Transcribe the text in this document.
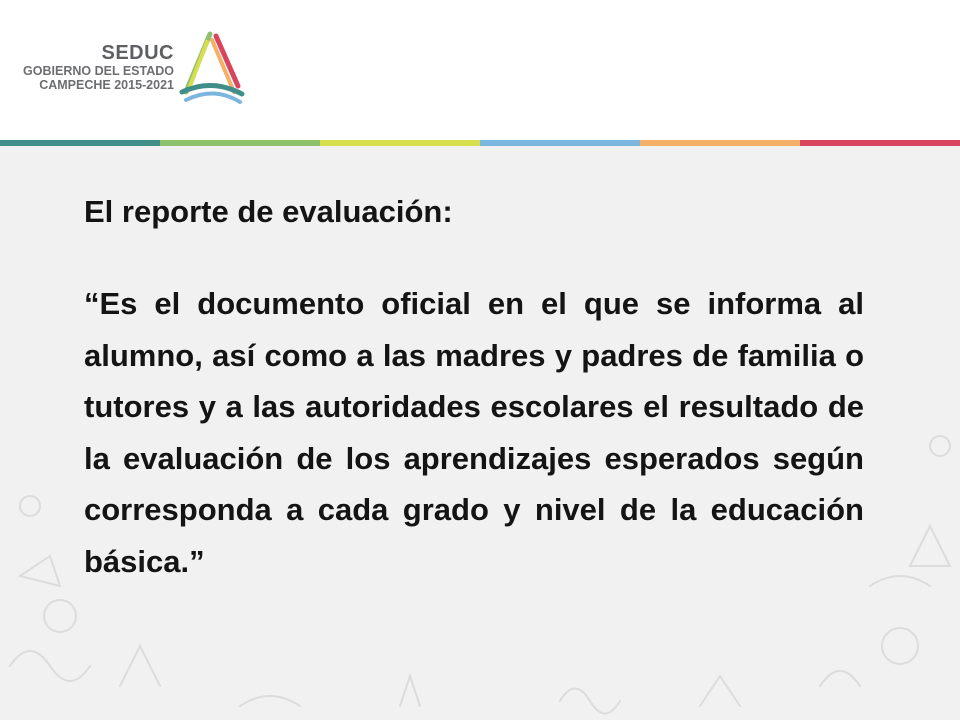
SEDUC
GOBIERNO DEL ESTADO
CAMPECHE 2015-2021

El reporte de evaluación:

“Es el documento oficial en el que se informa al alumno, así como a las madres y padres de familia o tutores y a las autoridades escolares el resultado de la evaluación de los aprendizajes esperados según corresponda a cada grado y nivel de la educación básica.”
